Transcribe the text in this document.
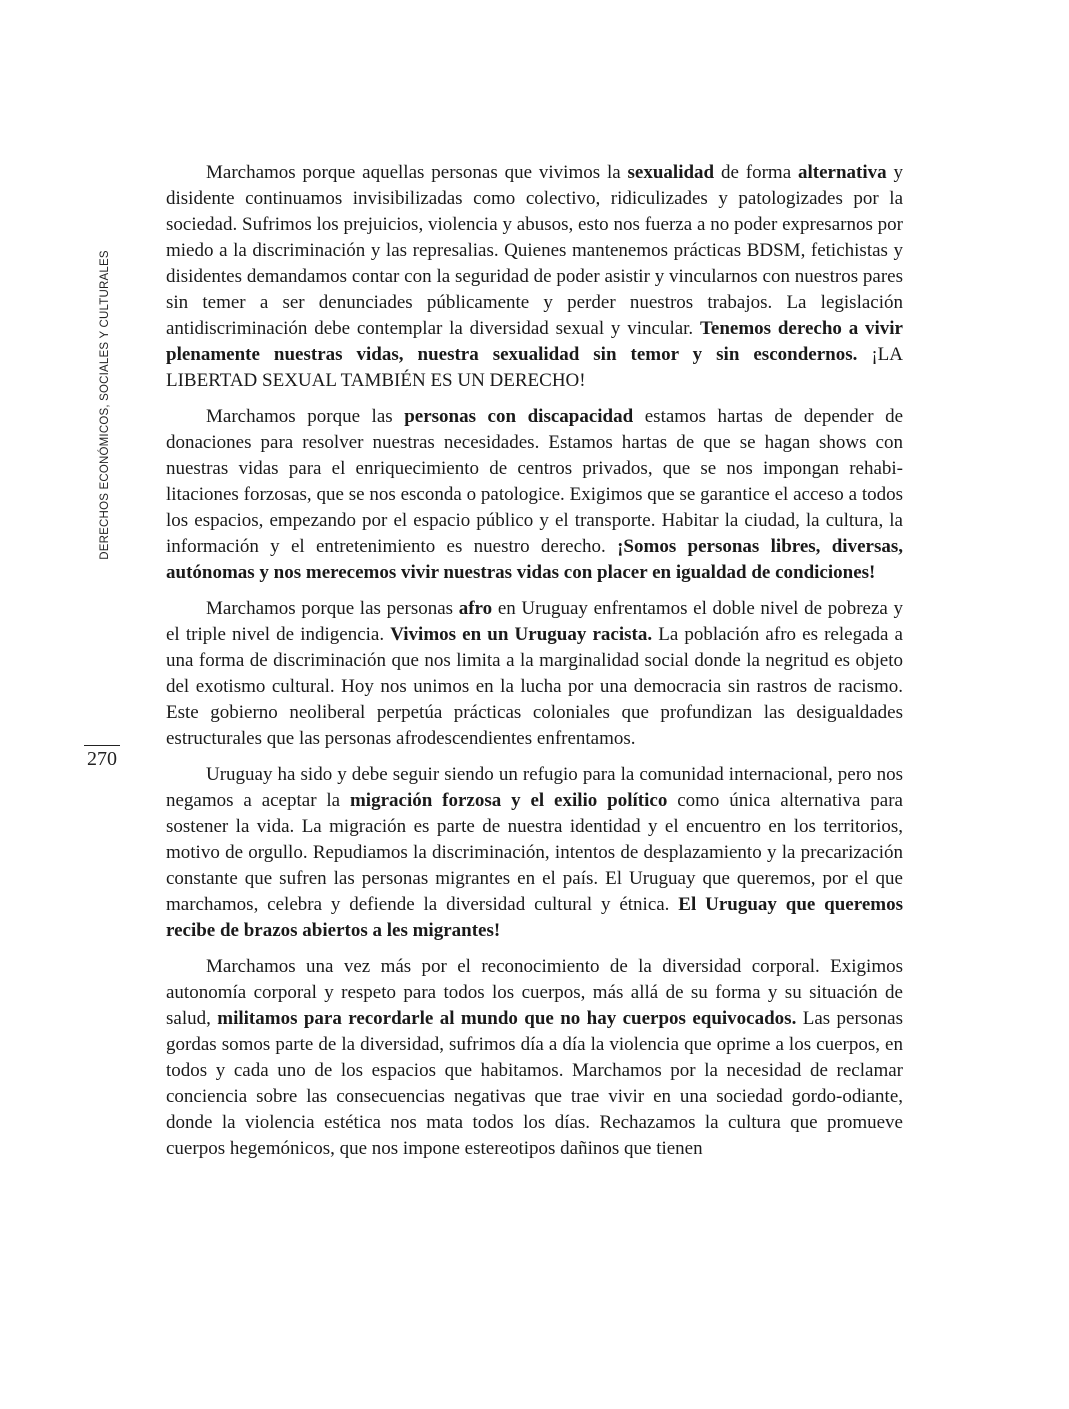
DERECHOS ECONÓMICOS, SOCIALES Y CULTURALES
270

Marchamos porque aquellas personas que vivimos la sexualidad de forma alternativa y disidente continuamos invisibilizadas como colectivo, ridiculizades y patologizades por la sociedad. Sufrimos los prejuicios, violencia y abusos, esto nos fuerza a no poder expresarnos por miedo a la discriminación y las represalias. Quienes mantenemos prácticas BDSM, fetichistas y disidentes demandamos contar con la seguridad de poder asistir y vincularnos con nuestros pares sin temer a ser denunciades públicamente y perder nuestros trabajos. La legislación antidiscriminación debe contemplar la diversidad sexual y vincular. Tenemos derecho a vivir plenamente nuestras vidas, nuestra sexualidad sin temor y sin escondernos. ¡LA LIBERTAD SEXUAL TAMBIÉN ES UN DERECHO!

Marchamos porque las personas con discapacidad estamos hartas de depender de donaciones para resolver nuestras necesidades. Estamos hartas de que se hagan shows con nuestras vidas para el enriquecimiento de centros privados, que se nos impongan rehabilitaciones forzosas, que se nos esconda o patologice. Exigimos que se garantice el acceso a todos los espacios, empezando por el espacio público y el transporte. Habitar la ciudad, la cultura, la información y el entretenimiento es nuestro derecho. ¡Somos personas libres, diversas, autónomas y nos merecemos vivir nuestras vidas con placer en igualdad de condiciones!

Marchamos porque las personas afro en Uruguay enfrentamos el doble nivel de pobreza y el triple nivel de indigencia. Vivimos en un Uruguay racista. La población afro es relegada a una forma de discriminación que nos limita a la marginalidad social donde la negritud es objeto del exotismo cultural. Hoy nos unimos en la lucha por una democracia sin rastros de racismo. Este gobierno neoliberal perpetúa prácticas coloniales que profundizan las desigualdades estructurales que las personas afrodescendientes enfrentamos.

Uruguay ha sido y debe seguir siendo un refugio para la comunidad internacional, pero nos negamos a aceptar la migración forzosa y el exilio político como única alternativa para sostener la vida. La migración es parte de nuestra identidad y el encuentro en los territorios, motivo de orgullo. Repudiamos la discriminación, intentos de desplazamiento y la precarización constante que sufren las personas migrantes en el país. El Uruguay que queremos, por el que marchamos, celebra y defiende la diversidad cultural y étnica. El Uruguay que queremos recibe de brazos abiertos a les migrantes!

Marchamos una vez más por el reconocimiento de la diversidad corporal. Exigimos autonomía corporal y respeto para todos los cuerpos, más allá de su forma y su situación de salud, militamos para recordarle al mundo que no hay cuerpos equivocados. Las personas gordas somos parte de la diversidad, sufrimos día a día la violencia que oprime a los cuerpos, en todos y cada uno de los espacios que habitamos. Marchamos por la necesidad de reclamar conciencia sobre las consecuencias negativas que trae vivir en una sociedad gordo-odiante, donde la violencia estética nos mata todos los días. Rechazamos la cultura que promueve cuerpos hegemónicos, que nos impone estereotipos dañinos que tienen
